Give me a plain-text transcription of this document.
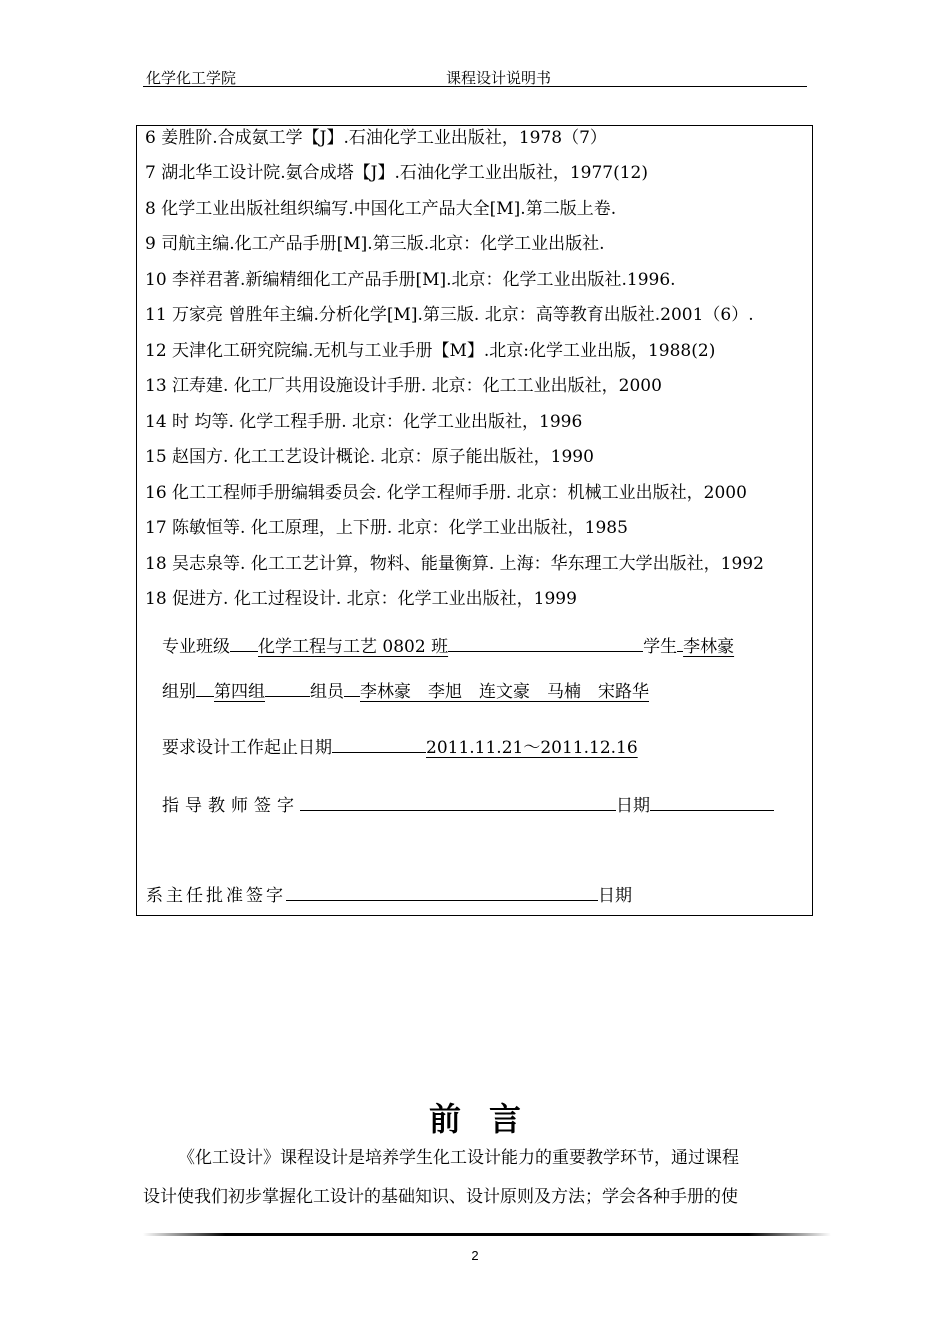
化学化工学院	课程设计说明书
6 姜胜阶.合成氨工学【J】.石油化学工业出版社，1978（7）
7 湖北华工设计院.氨合成塔【J】.石油化学工业出版社，1977(12)
8 化学工业出版社组织编写.中国化工产品大全[M].第二版上卷.
9 司航主编.化工产品手册[M].第三版.北京：化学工业出版社.
10 李祥君著.新编精细化工产品手册[M].北京：化学工业出版社.1996.
11 万家亮 曾胜年主编.分析化学[M].第三版. 北京：高等教育出版社.2001（6）.
12 天津化工研究院编.无机与工业手册【M】.北京:化学工业出版，1988(2)
13 江寿建. 化工厂共用设施设计手册. 北京：化工工业出版社，2000
14 时 均等. 化学工程手册. 北京：化学工业出版社，1996
15 赵国方. 化工工艺设计概论. 北京：原子能出版社，1990
16 化工工程师手册编辑委员会. 化学工程师手册. 北京：机械工业出版社，2000
17 陈敏恒等. 化工原理，上下册. 北京：化学工业出版社，1985
18 吴志泉等. 化工工艺计算，物料、能量衡算. 上海：华东理工大学出版社，1992
18 促进方. 化工过程设计. 北京：化学工业出版社，1999
专业班级 化学工程与工艺 0802 班	学生 李林豪
组别 第四组	组员 李林豪　李旭　连文豪　马楠　宋路华
要求设计工作起止日期	2011.11.21～2011.12.16
指导教师签字	日期
系主任批准签字	日期
前言
《化工设计》课程设计是培养学生化工设计能力的重要教学环节，通过课程
设计使我们初步掌握化工设计的基础知识、设计原则及方法；学会各种手册的使
2
